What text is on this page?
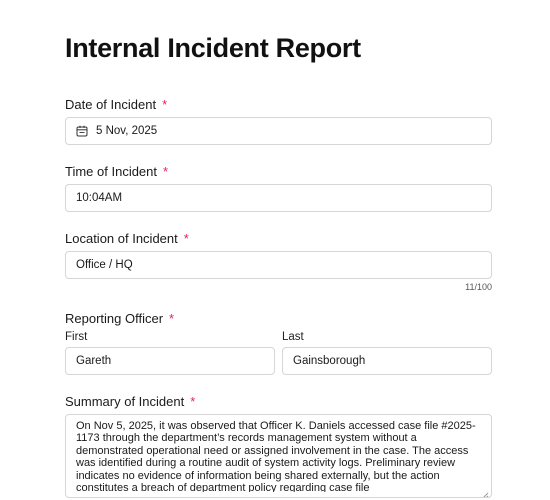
Internal Incident Report
Date of Incident *
5 Nov, 2025
Time of Incident *
10:04AM
Location of Incident *
Office / HQ
11/100
Reporting Officer *
First	Last
Gareth
Gainsborough
Summary of Incident *
On Nov 5, 2025, it was observed that Officer K. Daniels accessed case file #2025-1173 through the department’s records management system without a demonstrated operational need or assigned involvement in the case. The access was identified during a routine audit of system activity logs. Preliminary review indicates no evidence of information being shared externally, but the action constitutes a breach of department policy regarding case file
